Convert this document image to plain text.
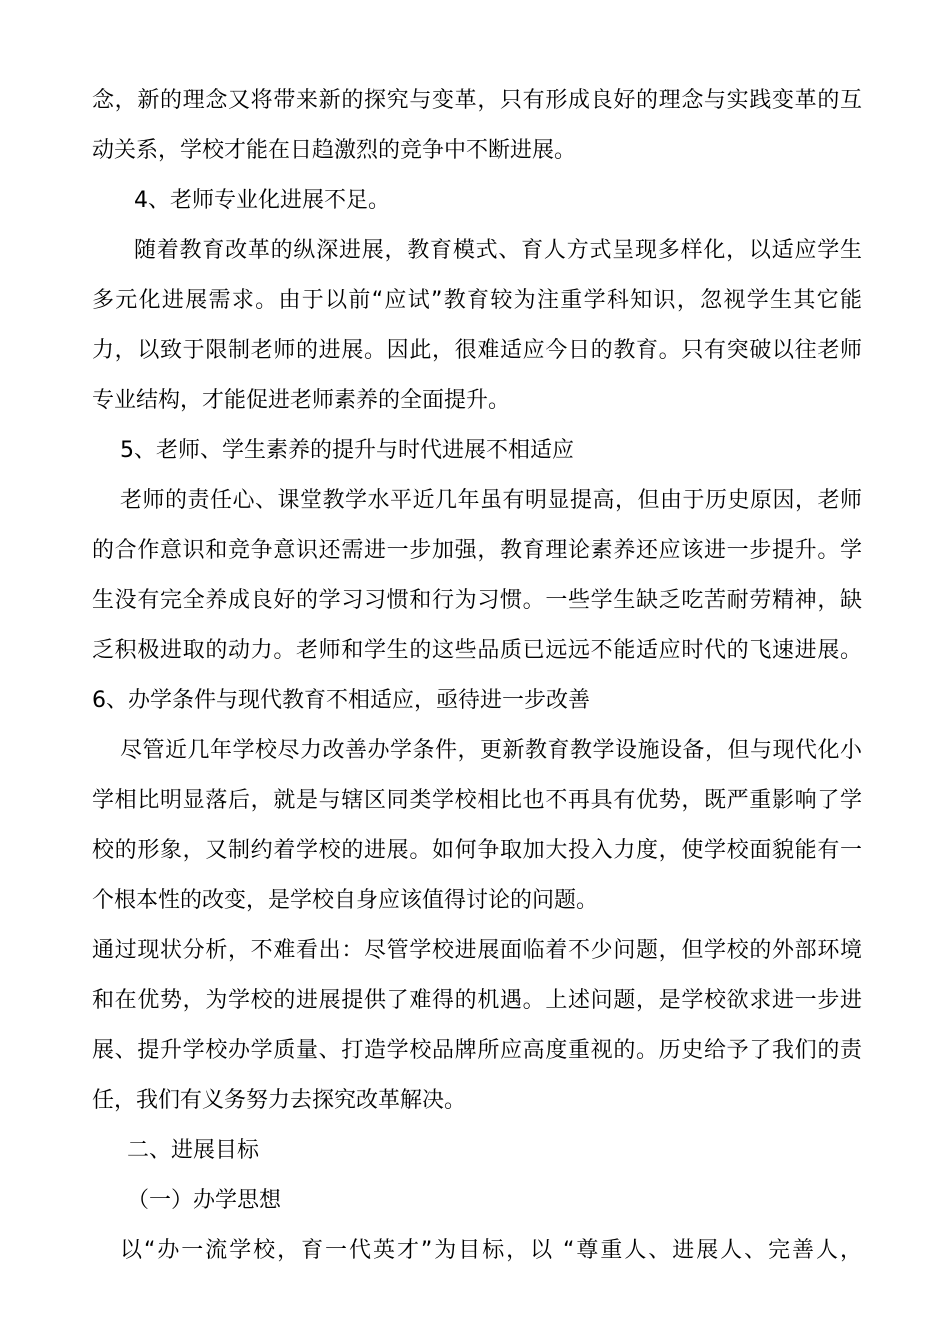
念，新的理念又将带来新的探究与变革，只有形成良好的理念与实践变革的互
动关系，学校才能在日趋激烈的竞争中不断进展。
4、老师专业化进展不足。
随着教育改革的纵深进展，教育模式、育人方式呈现多样化，以适应学生
多元化进展需求。由于以前“应试”教育较为注重学科知识，忽视学生其它能
力，以致于限制老师的进展。因此，很难适应今日的教育。只有突破以往老师
专业结构，才能促进老师素养的全面提升。
5、老师、学生素养的提升与时代进展不相适应
老师的责任心、课堂教学水平近几年虽有明显提高，但由于历史原因，老师
的合作意识和竞争意识还需进一步加强，教育理论素养还应该进一步提升。学
生没有完全养成良好的学习习惯和行为习惯。一些学生缺乏吃苦耐劳精神，缺
乏积极进取的动力。老师和学生的这些品质已远远不能适应时代的飞速进展。
6、办学条件与现代教育不相适应，亟待进一步改善
尽管近几年学校尽力改善办学条件，更新教育教学设施设备，但与现代化小
学相比明显落后，就是与辖区同类学校相比也不再具有优势，既严重影响了学
校的形象，又制约着学校的进展。如何争取加大投入力度，使学校面貌能有一
个根本性的改变，是学校自身应该值得讨论的问题。
通过现状分析，不难看出：尽管学校进展面临着不少问题，但学校的外部环境
和在优势，为学校的进展提供了难得的机遇。上述问题，是学校欲求进一步进
展、提升学校办学质量、打造学校品牌所应高度重视的。历史给予了我们的责
任，我们有义务努力去探究改革解决。
二、进展目标
（一）办学思想
以“办一流学校，育一代英才”为目标，以 “尊重人、进展人、完善人，
